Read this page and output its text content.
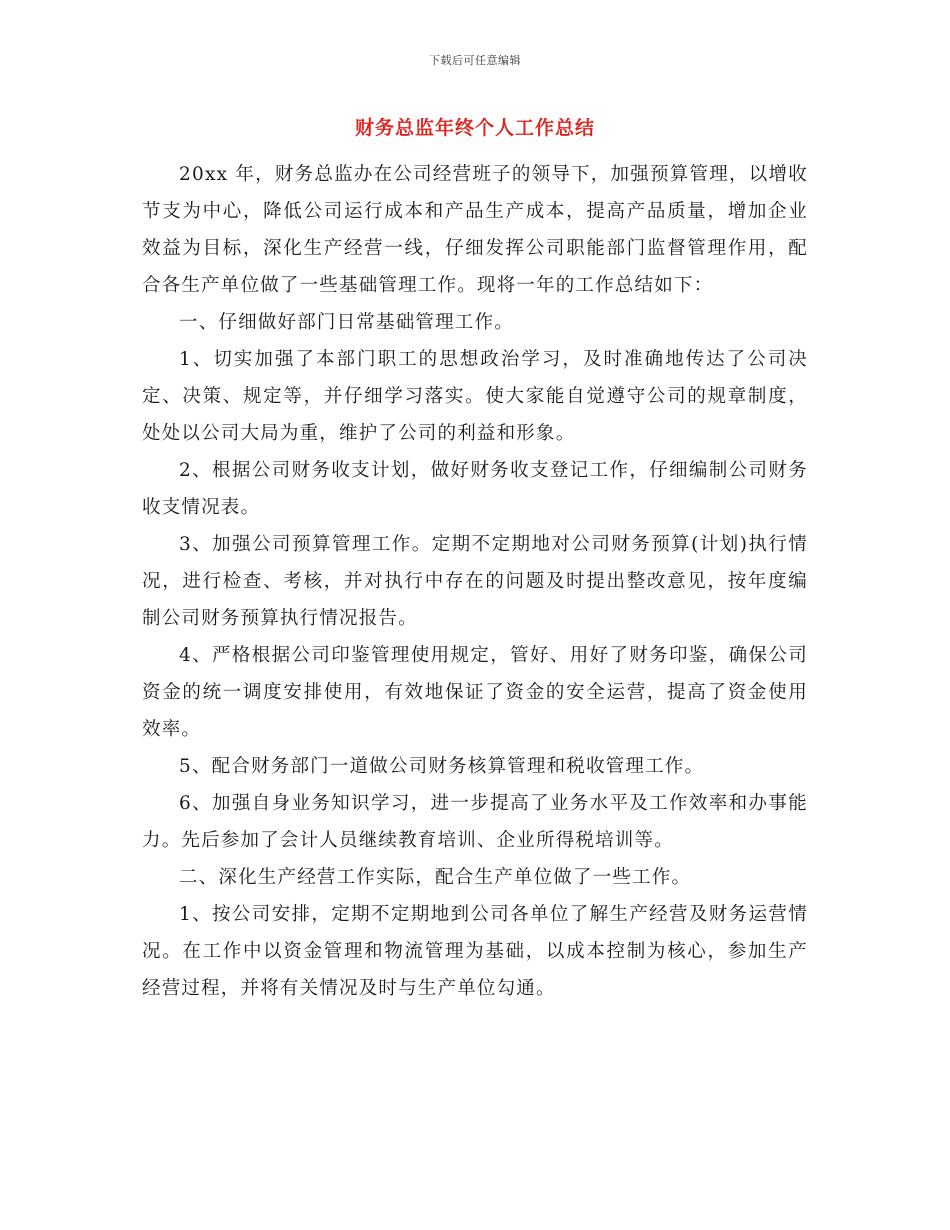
下载后可任意编辑
财务总监年终个人工作总结

20xx 年，财务总监办在公司经营班子的领导下，加强预算管理，以增收节支为中心，降低公司运行成本和产品生产成本，提高产品质量，增加企业效益为目标，深化生产经营一线，仔细发挥公司职能部门监督管理作用，配合各生产单位做了一些基础管理工作。现将一年的工作总结如下：

一、仔细做好部门日常基础管理工作。

1、切实加强了本部门职工的思想政治学习，及时准确地传达了公司决定、决策、规定等，并仔细学习落实。使大家能自觉遵守公司的规章制度，处处以公司大局为重，维护了公司的利益和形象。

2、根据公司财务收支计划，做好财务收支登记工作，仔细编制公司财务收支情况表。

3、加强公司预算管理工作。定期不定期地对公司财务预算(计划)执行情况，进行检查、考核，并对执行中存在的问题及时提出整改意见，按年度编制公司财务预算执行情况报告。

4、严格根据公司印鉴管理使用规定，管好、用好了财务印鉴，确保公司资金的统一调度安排使用，有效地保证了资金的安全运营，提高了资金使用效率。

5、配合财务部门一道做公司财务核算管理和税收管理工作。

6、加强自身业务知识学习，进一步提高了业务水平及工作效率和办事能力。先后参加了会计人员继续教育培训、企业所得税培训等。

二、深化生产经营工作实际，配合生产单位做了一些工作。

1、按公司安排，定期不定期地到公司各单位了解生产经营及财务运营情况。在工作中以资金管理和物流管理为基础，以成本控制为核心，参加生产经营过程，并将有关情况及时与生产单位勾通。
